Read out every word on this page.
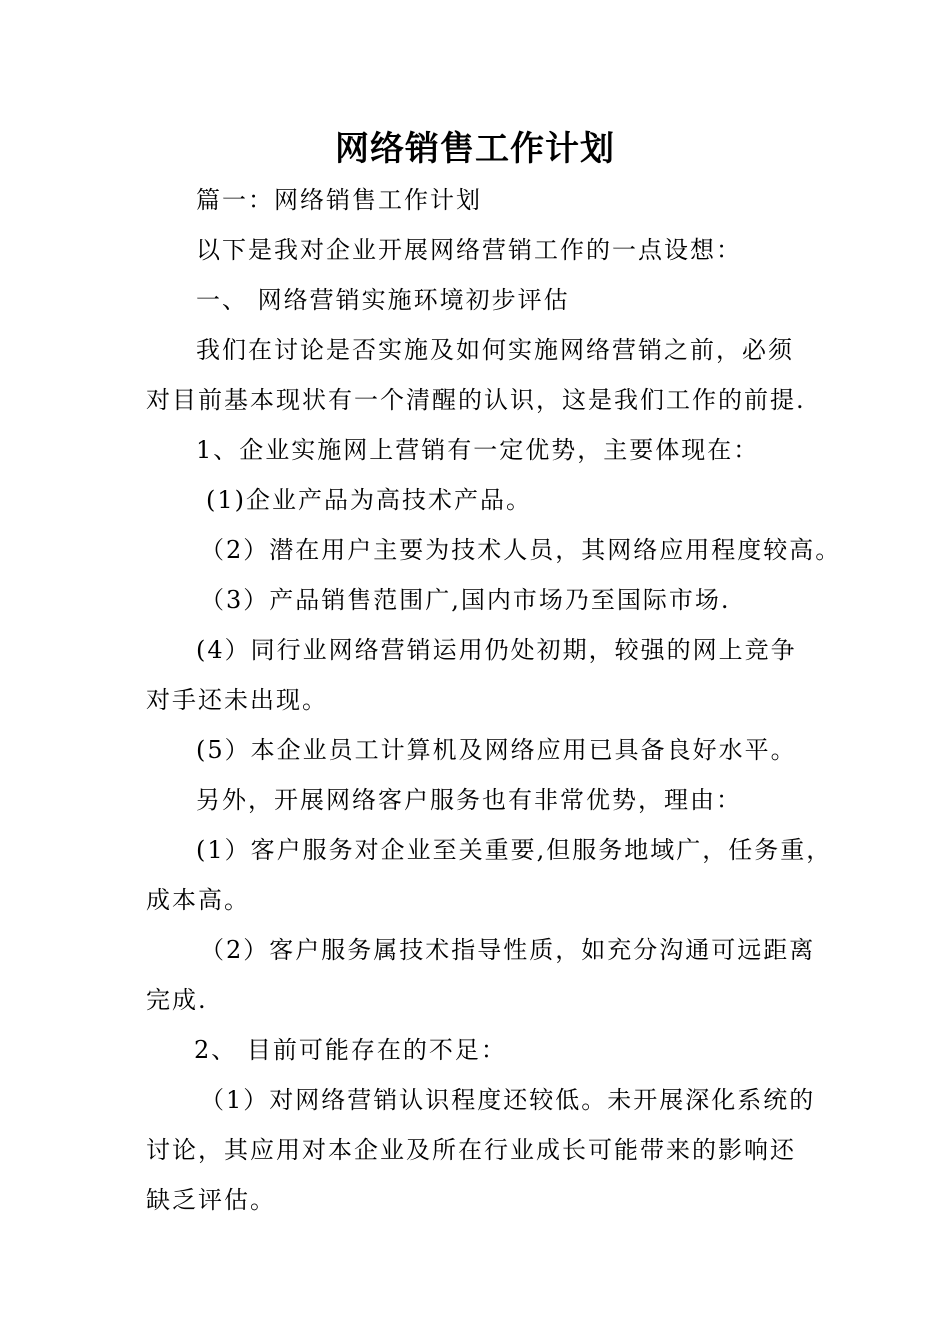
网络销售工作计划
篇一：网络销售工作计划
以下是我对企业开展网络营销工作的一点设想：
一、 网络营销实施环境初步评估
我们在讨论是否实施及如何实施网络营销之前，必须
对目前基本现状有一个清醒的认识，这是我们工作的前提.
1、企业实施网上营销有一定优势，主要体现在：
(1)企业产品为高技术产品。
（2）潜在用户主要为技术人员，其网络应用程度较高。
（3）产品销售范围广,国内市场乃至国际市场.
(4）同行业网络营销运用仍处初期，较强的网上竞争
对手还未出现。
(5）本企业员工计算机及网络应用已具备良好水平。
另外，开展网络客户服务也有非常优势，理由：
(1）客户服务对企业至关重要,但服务地域广，任务重，
成本高。
（2）客户服务属技术指导性质，如充分沟通可远距离
完成.
2、 目前可能存在的不足：
（1）对网络营销认识程度还较低。未开展深化系统的
讨论，其应用对本企业及所在行业成长可能带来的影响还
缺乏评估。
